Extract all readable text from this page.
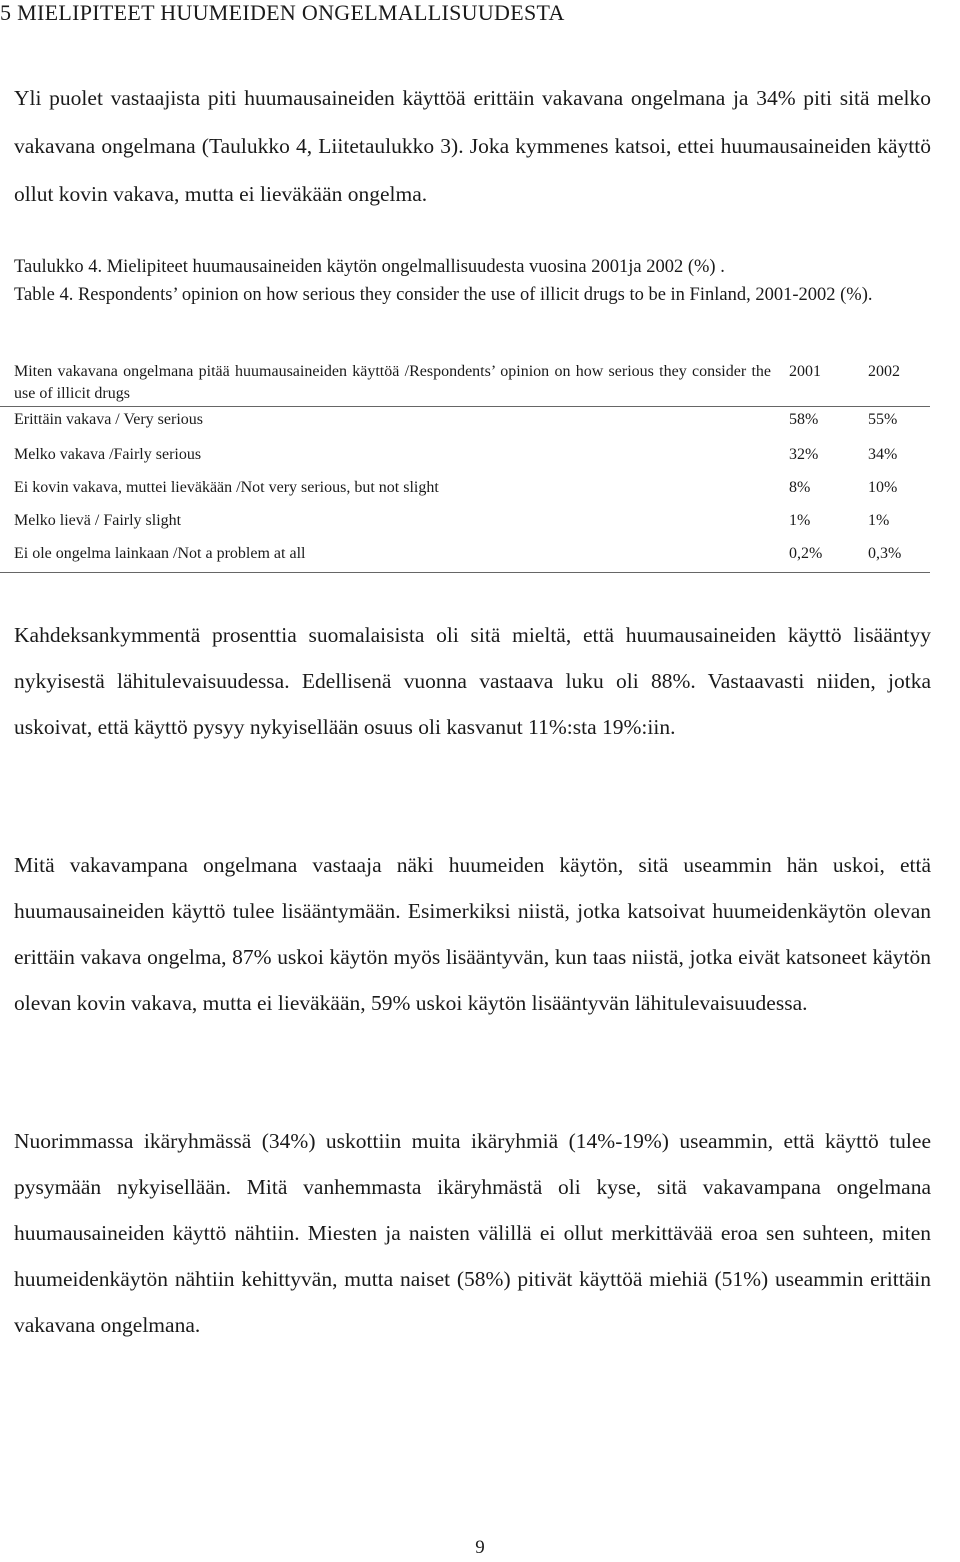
5 MIELIPITEET HUUMEIDEN ONGELMALLISUUDESTA

Yli puolet vastaajista piti huumausaineiden käyttöä erittäin vakavana ongelmana ja 34% piti sitä melko vakavana ongelmana (Taulukko 4, Liitetaulukko 3). Joka kymmenes katsoi, ettei huumausaineiden käyttö ollut kovin vakava, mutta ei lieväkään ongelma.

Taulukko 4. Mielipiteet huumausaineiden käytön ongelmallisuudesta vuosina 2001ja 2002 (%) .
Table 4. Respondents’ opinion on how serious they consider the use of illicit drugs to be in Finland, 2001-2002 (%).
Miten vakavana ongelmana pitää huumausaineiden käyttöä /Respondents’ opinion on how serious they consider the use of illicit drugs	2001	2002
Erittäin vakava / Very serious	58%	55%
Melko vakava /Fairly serious	32%	34%
Ei kovin vakava, muttei lieväkään /Not very serious, but not slight	8%	10%
Melko lievä / Fairly slight	1%	1%
Ei ole ongelma lainkaan /Not a problem at all	0,2%	0,3%

Kahdeksankymmentä prosenttia suomalaisista oli sitä mieltä, että huumausaineiden käyttö lisääntyy nykyisestä lähitulevaisuudessa. Edellisenä vuonna vastaava luku oli 88%. Vastaavasti niiden, jotka uskoivat, että käyttö pysyy nykyisellään osuus oli kasvanut 11%:sta 19%:iin.

Mitä vakavampana ongelmana vastaaja näki huumeiden käytön, sitä useammin hän uskoi, että huumausaineiden käyttö tulee lisääntymään. Esimerkiksi niistä, jotka katsoivat huumeidenkäytön olevan erittäin vakava ongelma, 87% uskoi käytön myös lisääntyvän, kun taas niistä, jotka eivät katsoneet käytön olevan kovin vakava, mutta ei lieväkään, 59% uskoi käytön lisääntyvän lähitulevaisuudessa.

Nuorimmassa ikäryhmässä (34%) uskottiin muita ikäryhmiä (14%-19%) useammin, että käyttö tulee pysymään nykyisellään. Mitä vanhemmasta ikäryhmästä oli kyse, sitä vakavampana ongelmana huumausaineiden käyttö nähtiin. Miesten ja naisten välillä ei ollut merkittävää eroa sen suhteen, miten huumeidenkäytön nähtiin kehittyvän, mutta naiset (58%) pitivät käyttöä miehiä (51%) useammin erittäin vakavana ongelmana.

9
